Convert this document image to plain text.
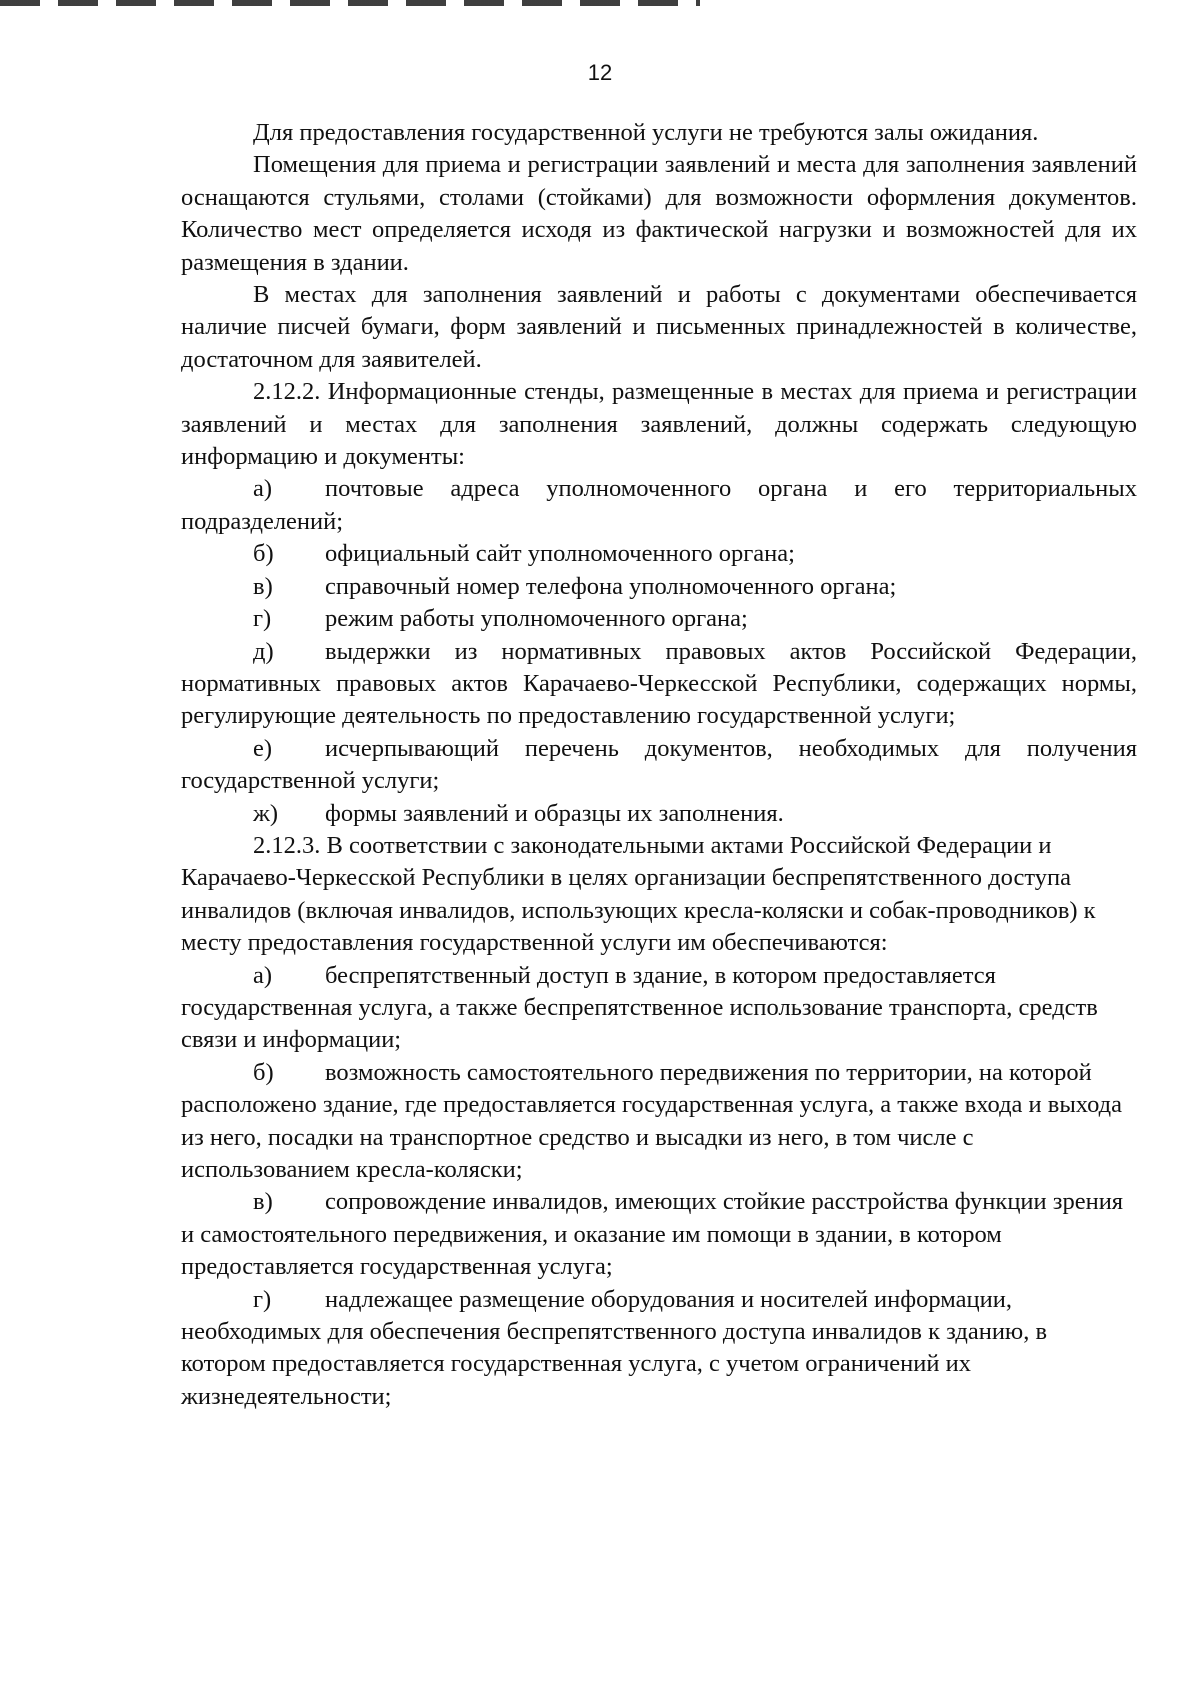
12

Для предоставления государственной услуги не требуются залы ожидания.

Помещения для приема и регистрации заявлений и места для заполнения заявлений оснащаются стульями, столами (стойками) для возможности оформления документов. Количество мест определяется исходя из фактической нагрузки и возможностей для их размещения в здании.

В местах для заполнения заявлений и работы с документами обеспечивается наличие писчей бумаги, форм заявлений и письменных принадлежностей в количестве, достаточном для заявителей.

2.12.2. Информационные стенды, размещенные в местах для приема и регистрации заявлений и местах для заполнения заявлений, должны содержать следующую информацию и документы:

а) почтовые адреса уполномоченного органа и его территориальных подразделений;

б) официальный сайт уполномоченного органа;

в) справочный номер телефона уполномоченного органа;

г) режим работы уполномоченного органа;

д) выдержки из нормативных правовых актов Российской Федерации, нормативных правовых актов Карачаево-Черкесской Республики, содержащих нормы, регулирующие деятельность по предоставлению государственной услуги;

е) исчерпывающий перечень документов, необходимых для получения государственной услуги;

ж) формы заявлений и образцы их заполнения.

2.12.3. В соответствии с законодательными актами Российской Федерации и Карачаево-Черкесской Республики в целях организации беспрепятственного доступа инвалидов (включая инвалидов, использующих кресла-коляски и собак-проводников) к месту предоставления государственной услуги им обеспечиваются:

а) беспрепятственный доступ в здание, в котором предоставляется государственная услуга, а также беспрепятственное использование транспорта, средств связи и информации;

б) возможность самостоятельного передвижения по территории, на которой расположено здание, где предоставляется государственная услуга, а также входа и выхода из него, посадки на транспортное средство и высадки из него, в том числе с использованием кресла-коляски;

в) сопровождение инвалидов, имеющих стойкие расстройства функции зрения и самостоятельного передвижения, и оказание им помощи в здании, в котором предоставляется государственная услуга;

г) надлежащее размещение оборудования и носителей информации, необходимых для обеспечения беспрепятственного доступа инвалидов к зданию, в котором предоставляется государственная услуга, с учетом ограничений их жизнедеятельности;
